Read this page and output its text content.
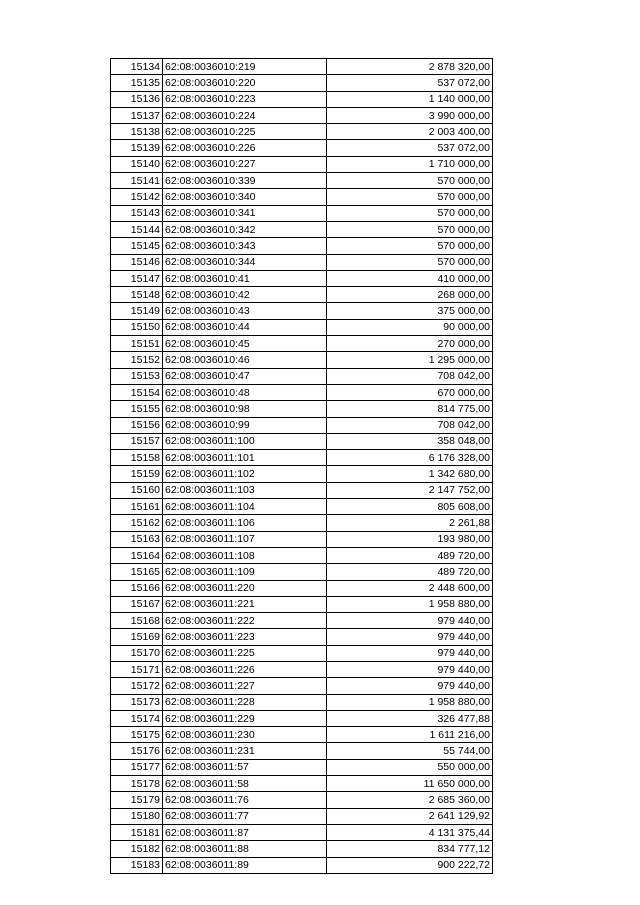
15134	62:08:0036010:219	2 878 320,00
15135	62:08:0036010:220	537 072,00
15136	62:08:0036010:223	1 140 000,00
15137	62:08:0036010:224	3 990 000,00
15138	62:08:0036010:225	2 003 400,00
15139	62:08:0036010:226	537 072,00
15140	62:08:0036010:227	1 710 000,00
15141	62:08:0036010:339	570 000,00
15142	62:08:0036010:340	570 000,00
15143	62:08:0036010:341	570 000,00
15144	62:08:0036010:342	570 000,00
15145	62:08:0036010:343	570 000,00
15146	62:08:0036010:344	570 000,00
15147	62:08:0036010:41	410 000,00
15148	62:08:0036010:42	268 000,00
15149	62:08:0036010:43	375 000,00
15150	62:08:0036010:44	90 000,00
15151	62:08:0036010:45	270 000,00
15152	62:08:0036010:46	1 295 000,00
15153	62:08:0036010:47	708 042,00
15154	62:08:0036010:48	670 000,00
15155	62:08:0036010:98	814 775,00
15156	62:08:0036010:99	708 042,00
15157	62:08:0036011:100	358 048,00
15158	62:08:0036011:101	6 176 328,00
15159	62:08:0036011:102	1 342 680,00
15160	62:08:0036011:103	2 147 752,00
15161	62:08:0036011:104	805 608,00
15162	62:08:0036011:106	2 261,88
15163	62:08:0036011:107	193 980,00
15164	62:08:0036011:108	489 720,00
15165	62:08:0036011:109	489 720,00
15166	62:08:0036011:220	2 448 600,00
15167	62:08:0036011:221	1 958 880,00
15168	62:08:0036011:222	979 440,00
15169	62:08:0036011:223	979 440,00
15170	62:08:0036011:225	979 440,00
15171	62:08:0036011:226	979 440,00
15172	62:08:0036011:227	979 440,00
15173	62:08:0036011:228	1 958 880,00
15174	62:08:0036011:229	326 477,88
15175	62:08:0036011:230	1 611 216,00
15176	62:08:0036011:231	55 744,00
15177	62:08:0036011:57	550 000,00
15178	62:08:0036011:58	11 650 000,00
15179	62:08:0036011:76	2 685 360,00
15180	62:08:0036011:77	2 641 129,92
15181	62:08:0036011:87	4 131 375,44
15182	62:08:0036011:88	834 777,12
15183	62:08:0036011:89	900 222,72
